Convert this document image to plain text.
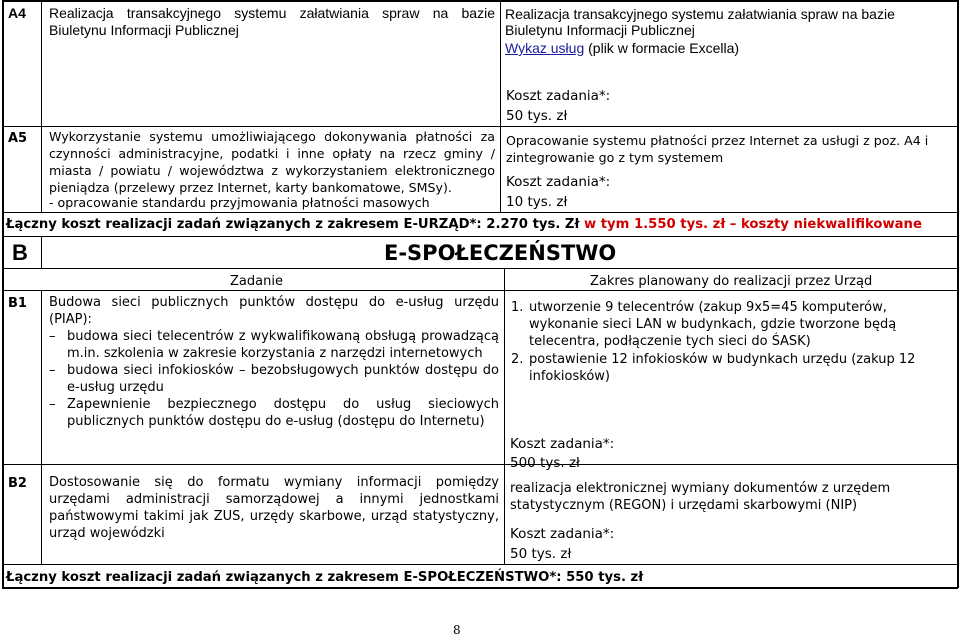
A4 Realizacja transakcyjnego systemu załatwiania spraw na bazie Biuletynu Informacji Publicznej
Realizacja transakcyjnego systemu załatwiania spraw na bazie
Biuletynu Informacji Publicznej
Wykaz usług (plik w formacie Excella)
Koszt zadania*:
50 tys. zł
A5 Wykorzystanie systemu umożliwiającego dokonywania płatności za czynności administracyjne, podatki i inne opłaty na rzecz gminy / miasta / powiatu / województwa z wykorzystaniem elektronicznego pieniądza (przelewy przez Internet, karty bankomatowe, SMSy).
- opracowanie standardu przyjmowania płatności masowych
Opracowanie systemu płatności przez Internet za usługi z poz. A4 i zintegrowanie go z tym systemem
Koszt zadania*:
10 tys. zł
Łączny koszt realizacji zadań związanych z zakresem E-URZĄD*: 2.270 tys. Zł w tym 1.550 tys. zł – koszty niekwalifikowane
B	E-SPOŁECZEŃSTWO
Zadanie	Zakres planowany do realizacji przez Urząd
B1 Budowa sieci publicznych punktów dostępu do e-usług urzędu (PIAP):
– budowa sieci telecentrów z wykwalifikowaną obsługą prowadzącą
m.in. szkolenia w zakresie korzystania z narzędzi internetowych
– budowa sieci infokiosków – bezobsługowych punktów dostępu do e-usług urzędu
– Zapewnienie bezpiecznego dostępu do usług sieciowych publicznych punktów dostępu do e-usług (dostępu do Internetu)
1. utworzenie 9 telecentrów (zakup 9x5=45 komputerów, wykonanie sieci LAN w budynkach, gdzie tworzone będą telecentra, podłączenie tych sieci do ŚASK)
2. postawienie 12 infokiosków w budynkach urzędu (zakup 12 infokiosków)
Koszt zadania*:
500 tys. zł
B2 Dostosowanie się do formatu wymiany informacji pomiędzy urzędami administracji samorządowej a innymi jednostkami państwowymi takimi jak ZUS, urzędy skarbowe, urząd statystyczny, urząd wojewódzki
realizacja elektronicznej wymiany dokumentów z urzędem statystycznym (REGON) i urzędami skarbowymi (NIP)
Koszt zadania*:
50 tys. zł
Łączny koszt realizacji zadań związanych z zakresem E-SPOŁECZEŃSTWO*: 550 tys. zł
8
